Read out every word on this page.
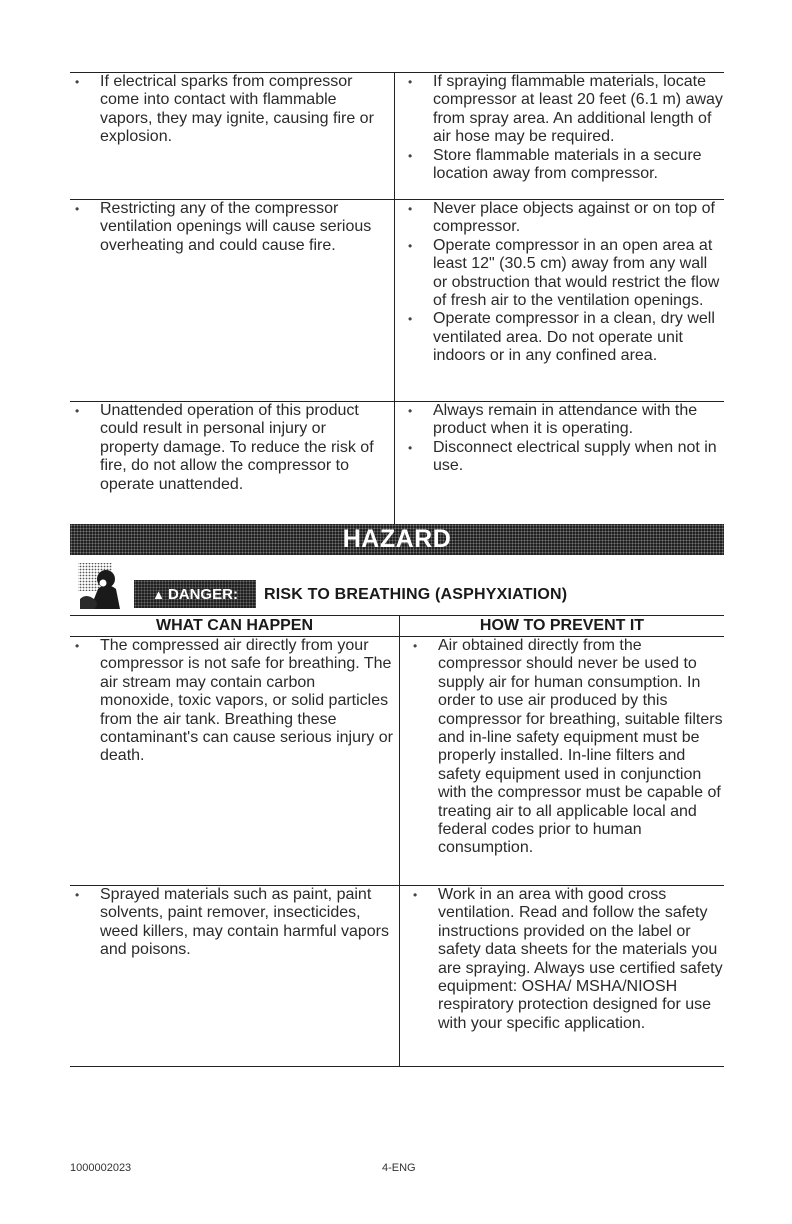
• If electrical sparks from compressor come into contact with flammable vapors, they may ignite, causing fire or explosion.
• If spraying flammable materials, locate compressor at least 20 feet (6.1 m) away from spray area. An additional length of air hose may be required.
• Store flammable materials in a secure location away from compressor.
• Restricting any of the compressor ventilation openings will cause serious overheating and could cause fire.
• Never place objects against or on top of compressor.
• Operate compressor in an open area at least 12" (30.5 cm) away from any wall or obstruction that would restrict the flow of fresh air to the ventilation openings.
• Operate compressor in a clean, dry well ventilated area. Do not operate unit indoors or in any confined area.
• Unattended operation of this product could result in personal injury or property damage. To reduce the risk of fire, do not allow the compressor to operate unattended.
• Always remain in attendance with the product when it is operating.
• Disconnect electrical supply when not in use.
HAZARD
▲ DANGER: RISK TO BREATHING (ASPHYXIATION)
WHAT CAN HAPPEN	HOW TO PREVENT IT
• The compressed air directly from your compressor is not safe for breathing. The air stream may contain carbon monoxide, toxic vapors, or solid particles from the air tank. Breathing these contaminant's can cause serious injury or death.
• Air obtained directly from the compressor should never be used to supply air for human consumption. In order to use air produced by this compressor for breathing, suitable filters and in-line safety equipment must be properly installed. In-line filters and safety equipment used in conjunction with the compressor must be capable of treating air to all applicable local and federal codes prior to human consumption.
• Sprayed materials such as paint, paint solvents, paint remover, insecticides, weed killers, may contain harmful vapors and poisons.
• Work in an area with good cross ventilation. Read and follow the safety instructions provided on the label or safety data sheets for the materials you are spraying. Always use certified safety equipment: OSHA/ MSHA/NIOSH respiratory protection designed for use with your specific application.
1000002023	4-ENG
